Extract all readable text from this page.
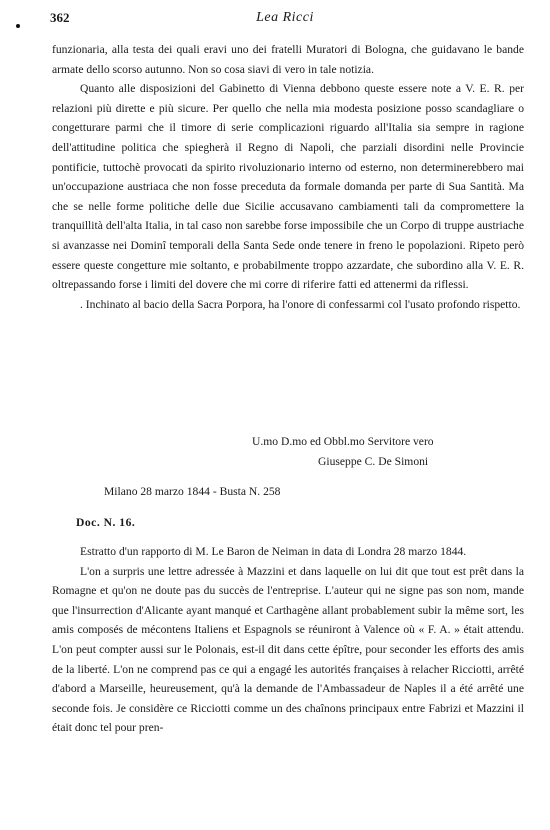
362	Lea Ricci

funzionaria, alla testa dei quali eravi uno dei fratelli Muratori di Bologna, che guidavano le bande armate dello scorso autunno. Non so cosa siavi di vero in tale notizia.

Quanto alle disposizioni del Gabinetto di Vienna debbono queste essere note a V. E. R. per relazioni più dirette e più sicure. Per quello che nella mia modesta posizione posso scandagliare o congetturare parmi che il timore di serie complicazioni riguardo all'Italia sia sempre in ragione dell'attitudine politica che spiegherà il Regno di Napoli, che parziali disordini nelle Provincie pontificie, tuttochè provocati da spirito rivoluzionario interno od esterno, non determinerebbero mai un'occupazione austriaca che non fosse preceduta da formale domanda per parte di Sua Santità. Ma che se nelle forme politiche delle due Sicilie accusavano cambiamenti tali da compromettere la tranquillità dell'alta Italia, in tal caso non sarebbe forse impossibile che un Corpo di truppe austriache si avanzasse nei Dominî temporali della Santa Sede onde tenere in freno le popolazioni. Ripeto però essere queste congetture mie soltanto, e probabilmente troppo azzardate, che subordino alla V. E. R. oltrepassando forse i limiti del dovere che mi corre di riferire fatti ed attenermi da riflessi.

. Inchinato al bacio della Sacra Porpora, ha l'onore di confessarmi col l'usato profondo rispetto.

U.mo D.mo ed Obbl.mo Servitore vero
Giuseppe C. De Simoni
Milano 28 marzo 1844 - Busta N. 258
Doc. N. 16.

Estratto d'un rapporto di M. Le Baron de Neiman in data di Londra 28 marzo 1844.

L'on a surpris une lettre adressée à Mazzini et dans laquelle on lui dit que tout est prêt dans la Romagne et qu'on ne doute pas du succès de l'entreprise. L'auteur qui ne signe pas son nom, mande que l'insurrection d'Alicante ayant manqué et Carthagène allant probablement subir la même sort, les amis composés de mécontens Italiens et Espagnols se réuniront à Valence où « F. A. » était attendu. L'on peut compter aussi sur le Polonais, est-il dit dans cette épître, pour seconder les efforts des amis de la liberté. L'on ne comprend pas ce qui a engagé les autorités françaises à relacher Ricciotti, arrêté d'abord a Marseille, heureusement, qu'à la demande de l'Ambassadeur de Naples il a été arrêté une seconde fois. Je considère ce Ricciotti comme un des chaînons principaux entre Fabrizi et Mazzini il était donc tel pour pren-
